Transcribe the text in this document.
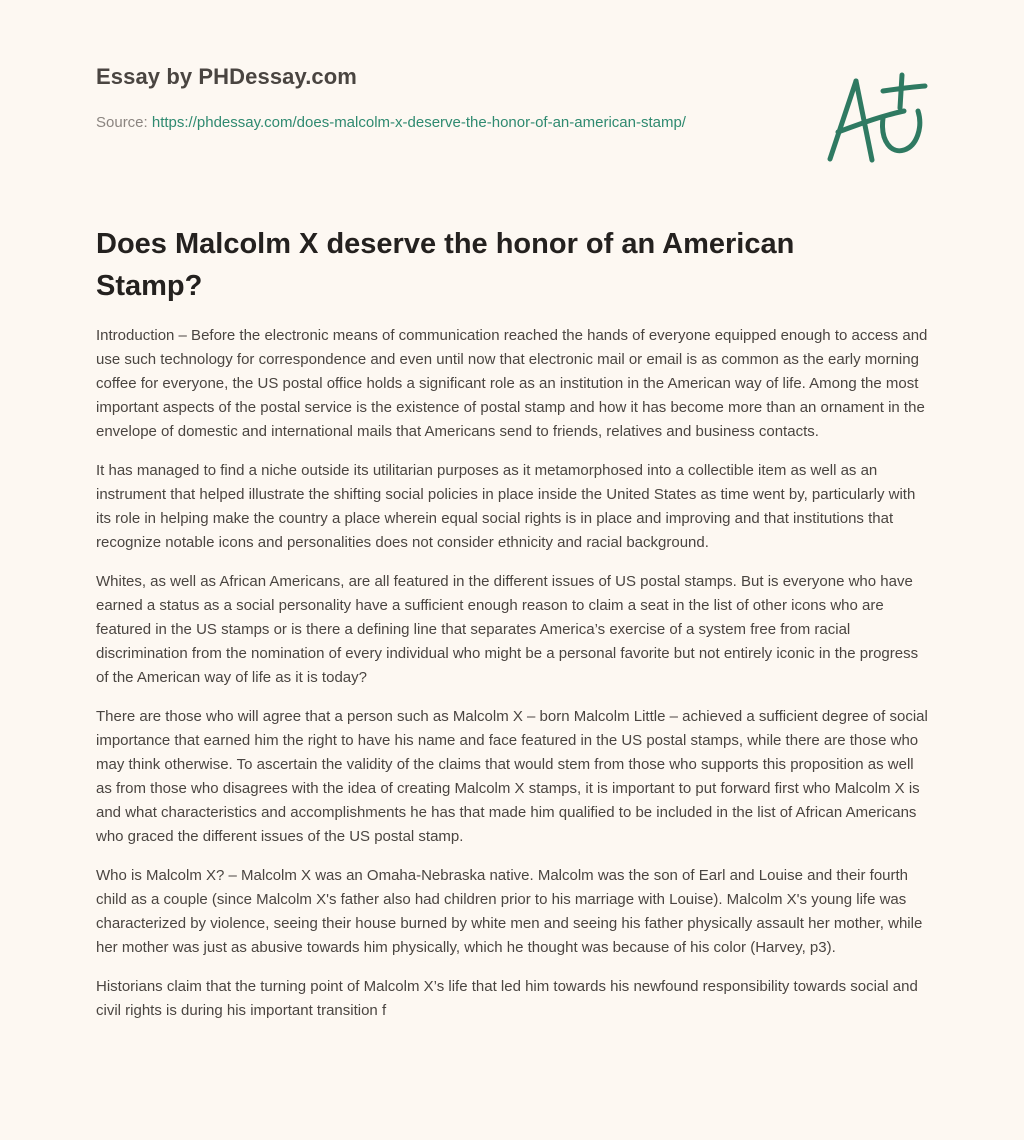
Essay by PHDessay.com
Source: https://phdessay.com/does-malcolm-x-deserve-the-honor-of-an-american-stamp/
Does Malcolm X deserve the honor of an American Stamp?

Introduction – Before the electronic means of communication reached the hands of everyone equipped enough to access and use such technology for correspondence and even until now that electronic mail or email is as common as the early morning coffee for everyone, the US postal office holds a significant role as an institution in the American way of life. Among the most important aspects of the postal service is the existence of postal stamp and how it has become more than an ornament in the envelope of domestic and international mails that Americans send to friends, relatives and business contacts.

It has managed to find a niche outside its utilitarian purposes as it metamorphosed into a collectible item as well as an instrument that helped illustrate the shifting social policies in place inside the United States as time went by, particularly with its role in helping make the country a place wherein equal social rights is in place and improving and that institutions that recognize notable icons and personalities does not consider ethnicity and racial background.

Whites, as well as African Americans, are all featured in the different issues of US postal stamps. But is everyone who have earned a status as a social personality have a sufficient enough reason to claim a seat in the list of other icons who are featured in the US stamps or is there a defining line that separates America’s exercise of a system free from racial discrimination from the nomination of every individual who might be a personal favorite but not entirely iconic in the progress of the American way of life as it is today?

There are those who will agree that a person such as Malcolm X – born Malcolm Little – achieved a sufficient degree of social importance that earned him the right to have his name and face featured in the US postal stamps, while there are those who may think otherwise. To ascertain the validity of the claims that would stem from those who supports this proposition as well as from those who disagrees with the idea of creating Malcolm X stamps, it is important to put forward first who Malcolm X is and what characteristics and accomplishments he has that made him qualified to be included in the list of African Americans who graced the different issues of the US postal stamp.

Who is Malcolm X? – Malcolm X was an Omaha-Nebraska native. Malcolm was the son of Earl and Louise and their fourth child as a couple (since Malcolm X's father also had children prior to his marriage with Louise). Malcolm X's young life was characterized by violence, seeing their house burned by white men and seeing his father physically assault her mother, while her mother was just as abusive towards him physically, which he thought was because of his color (Harvey, p3).

Historians claim that the turning point of Malcolm X’s life that led him towards his newfound responsibility towards social and civil rights is during his important transition f
